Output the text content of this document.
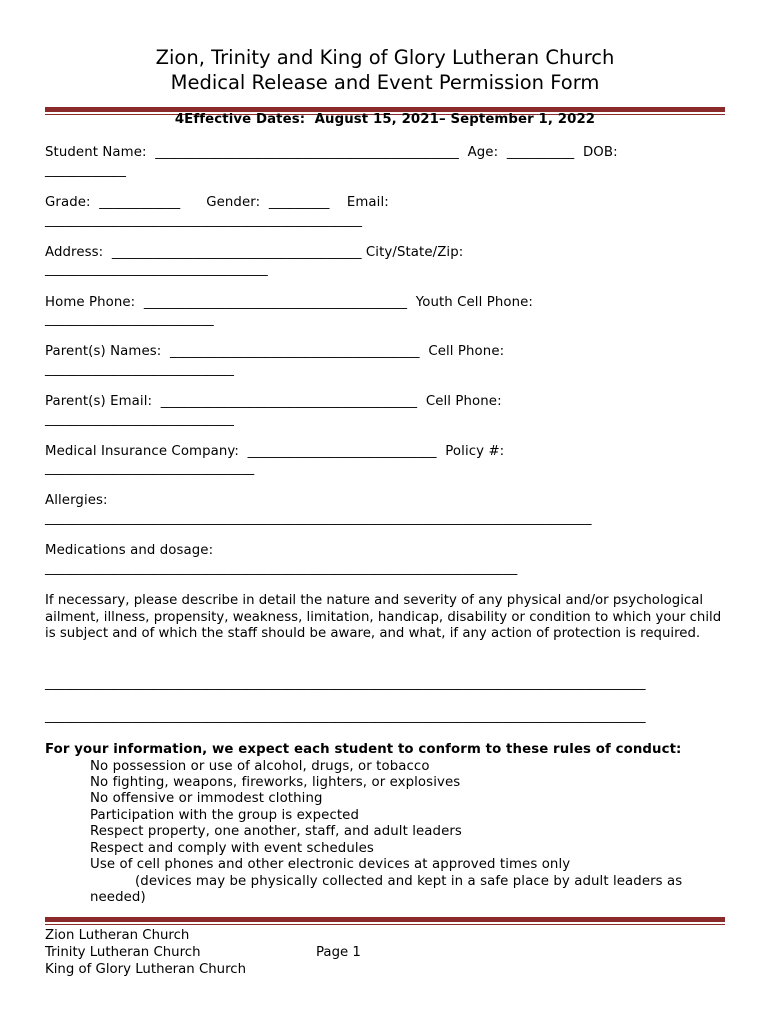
Zion, Trinity and King of Glory Lutheran Church
Medical Release and Event Permission Form
4Effective Dates:  August 15, 2021– September 1, 2022
Student Name:  _____________________________________________  Age:  __________  DOB:
____________
Grade:  ____________      Gender:  _________    Email:
_______________________________________________
Address:  _____________________________________ City/State/Zip:
_________________________________
Home Phone:  _______________________________________  Youth Cell Phone:
_________________________
Parent(s) Names:  _____________________________________  Cell Phone:
____________________________
Parent(s) Email:  ______________________________________  Cell Phone:
____________________________
Medical Insurance Company:  ____________________________  Policy #:
_______________________________
Allergies:
_________________________________________________________________________________
Medications and dosage:
______________________________________________________________________
If necessary, please describe in detail the nature and severity of any physical and/or psychological ailment, illness, propensity, weakness, limitation, handicap, disability or condition to which your child is subject and of which the staff should be aware, and what, if any action of protection is required.
_________________________________________________________________________________________
_________________________________________________________________________________________
For your information, we expect each student to conform to these rules of conduct:
No possession or use of alcohol, drugs, or tobacco
No fighting, weapons, fireworks, lighters, or explosives
No offensive or immodest clothing
Participation with the group is expected
Respect property, one another, staff, and adult leaders
Respect and comply with event schedules
Use of cell phones and other electronic devices at approved times only
(devices may be physically collected and kept in a safe place by adult leaders as
needed)
Zion Lutheran Church
Trinity Lutheran Church
King of Glory Lutheran Church
Page 1
